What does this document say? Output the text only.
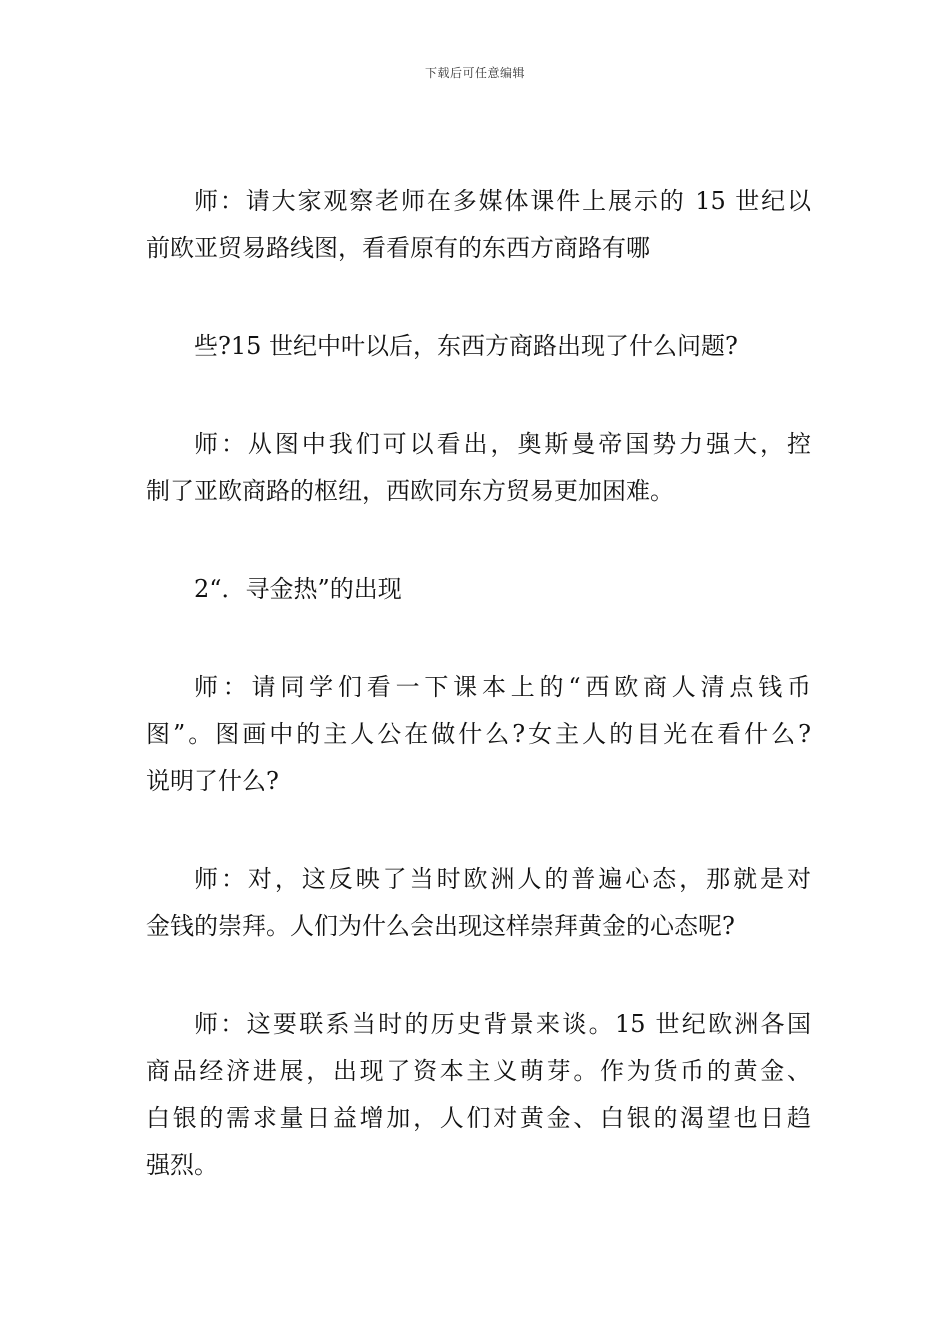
下载后可任意编辑

师：请大家观察老师在多媒体课件上展示的 15 世纪以
前欧亚贸易路线图，看看原有的东西方商路有哪

些?15 世纪中叶以后，东西方商路出现了什么问题?

师：从图中我们可以看出，奥斯曼帝国势力强大，控
制了亚欧商路的枢纽，西欧同东方贸易更加困难。

2“．寻金热”的出现

师：请同学们看一下课本上的“西欧商人清点钱币
图”。图画中的主人公在做什么?女主人的目光在看什么?
说明了什么?

师：对，这反映了当时欧洲人的普遍心态，那就是对
金钱的崇拜。人们为什么会出现这样崇拜黄金的心态呢?

师：这要联系当时的历史背景来谈。15 世纪欧洲各国
商品经济进展，出现了资本主义萌芽。作为货币的黄金、
白银的需求量日益增加，人们对黄金、白银的渴望也日趋
强烈。
